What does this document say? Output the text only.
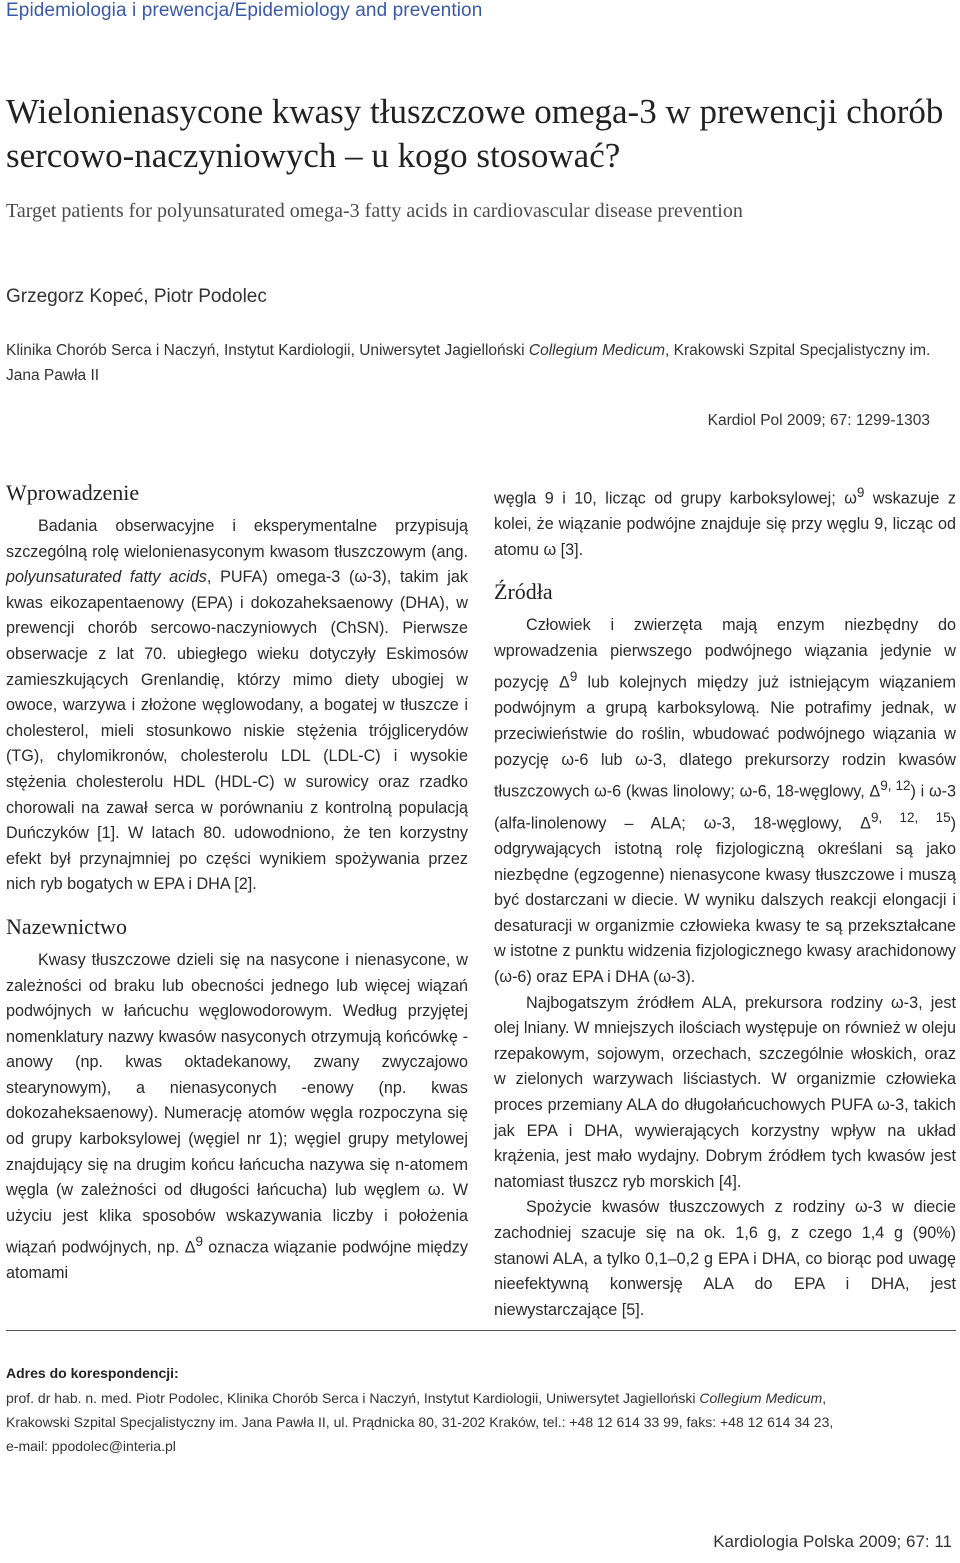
Epidemiologia i prewencja/Epidemiology and prevention
Wielonienasycone kwasy tłuszczowe omega-3 w prewencji chorób sercowo-naczyniowych – u kogo stosować?

Target patients for polyunsaturated omega-3 fatty acids in cardiovascular disease prevention

Grzegorz Kopeć, Piotr Podolec

Klinika Chorób Serca i Naczyń, Instytut Kardiologii, Uniwersytet Jagielloński Collegium Medicum, Krakowski Szpital Specjalistyczny im. Jana Pawła II

Kardiol Pol 2009; 67: 1299-1303
Wprowadzenie

Badania obserwacyjne i eksperymentalne przypisują szczególną rolę wielonienasyconym kwasom tłuszczowym (ang. polyunsaturated fatty acids, PUFA) omega-3 (ω-3), takim jak kwas eikozapentaenowy (EPA) i dokozaheksaenowy (DHA), w prewencji chorób sercowo-naczyniowych (ChSN). Pierwsze obserwacje z lat 70. ubiegłego wieku dotyczyły Eskimosów zamieszkujących Grenlandię, którzy mimo diety ubogiej w owoce, warzywa i złożone węglowodany, a bogatej w tłuszcze i cholesterol, mieli stosunkowo niskie stężenia trójglicerydów (TG), chylomikronów, cholesterolu LDL (LDL-C) i wysokie stężenia cholesterolu HDL (HDL-C) w surowicy oraz rzadko chorowali na zawał serca w porównaniu z kontrolną populacją Duńczyków [1]. W latach 80. udowodniono, że ten korzystny efekt był przynajmniej po części wynikiem spożywania przez nich ryb bogatych w EPA i DHA [2].

Nazewnictwo

Kwasy tłuszczowe dzieli się na nasycone i nienasycone, w zależności od braku lub obecności jednego lub więcej wiązań podwójnych w łańcuchu węglowodorowym. Według przyjętej nomenklatury nazwy kwasów nasyconych otrzymują końcówkę -anowy (np. kwas oktadekanowy, zwany zwyczajowo stearynowym), a nienasyconych -enowy (np. kwas dokozaheksaenowy). Numerację atomów węgla rozpoczyna się od grupy karboksylowej (węgiel nr 1); węgiel grupy metylowej znajdujący się na drugim końcu łańcucha nazywa się n-atomem węgla (w zależności od długości łańcucha) lub węglem ω. W użyciu jest klika sposobów wskazywania liczby i położenia wiązań podwójnych, np. $\Delta^9$ oznacza wiązanie podwójne między atomami

węgla 9 i 10, licząc od grupy karboksylowej; $\omega^9$ wskazuje z kolei, że wiązanie podwójne znajduje się przy węglu 9, licząc od atomu ω [3].

Źródła

Człowiek i zwierzęta mają enzym niezbędny do wprowadzenia pierwszego podwójnego wiązania jedynie w pozycję $\Delta^9$ lub kolejnych między już istniejącym wiązaniem podwójnym a grupą karboksylową. Nie potrafimy jednak, w przeciwieństwie do roślin, wbudować podwójnego wiązania w pozycję ω-6 lub ω-3, dlatego prekursorzy rodzin kwasów tłuszczowych ω-6 (kwas linolowy; ω-6, 18-węglowy, Δ$^{9, 12}$) i ω-3 (alfa-linolenowy – ALA; ω-3, 18-węglowy, Δ$^{9, 12, 15}$) odgrywających istotną rolę fizjologiczną określani są jako niezbędne (egzogenne) nienasycone kwasy tłuszczowe i muszą być dostarczani w diecie. W wyniku dalszych reakcji elongacji i desaturacji w organizmie człowieka kwasy te są przekształcane w istotne z punktu widzenia fizjologicznego kwasy arachidonowy (ω-6) oraz EPA i DHA (ω-3).

Najbogatszym źródłem ALA, prekursora rodziny ω-3, jest olej lniany. W mniejszych ilościach występuje on również w oleju rzepakowym, sojowym, orzechach, szczególnie włoskich, oraz w zielonych warzywach liściastych. W organizmie człowieka proces przemiany ALA do długołańcuchowych PUFA ω-3, takich jak EPA i DHA, wywierających korzystny wpływ na układ krążenia, jest mało wydajny. Dobrym źródłem tych kwasów jest natomiast tłuszcz ryb morskich [4].

Spożycie kwasów tłuszczowych z rodziny ω-3 w diecie zachodniej szacuje się na ok. 1,6 g, z czego 1,4 g (90%) stanowi ALA, a tylko 0,1–0,2 g EPA i DHA, co biorąc pod uwagę nieefektywną konwersję ALA do EPA i DHA, jest niewystarczające [5].

Adres do korespondencji:

prof. dr hab. n. med. Piotr Podolec, Klinika Chorób Serca i Naczyń, Instytut Kardiologii, Uniwersytet Jagielloński Collegium Medicum,

Krakowski Szpital Specjalistyczny im. Jana Pawła II, ul. Prądnicka 80, 31-202 Kraków, tel.: +48 12 614 33 99, faks: +48 12 614 34 23,

e-mail: ppodolec@interia.pl

Kardiologia Polska 2009; 67: 11
